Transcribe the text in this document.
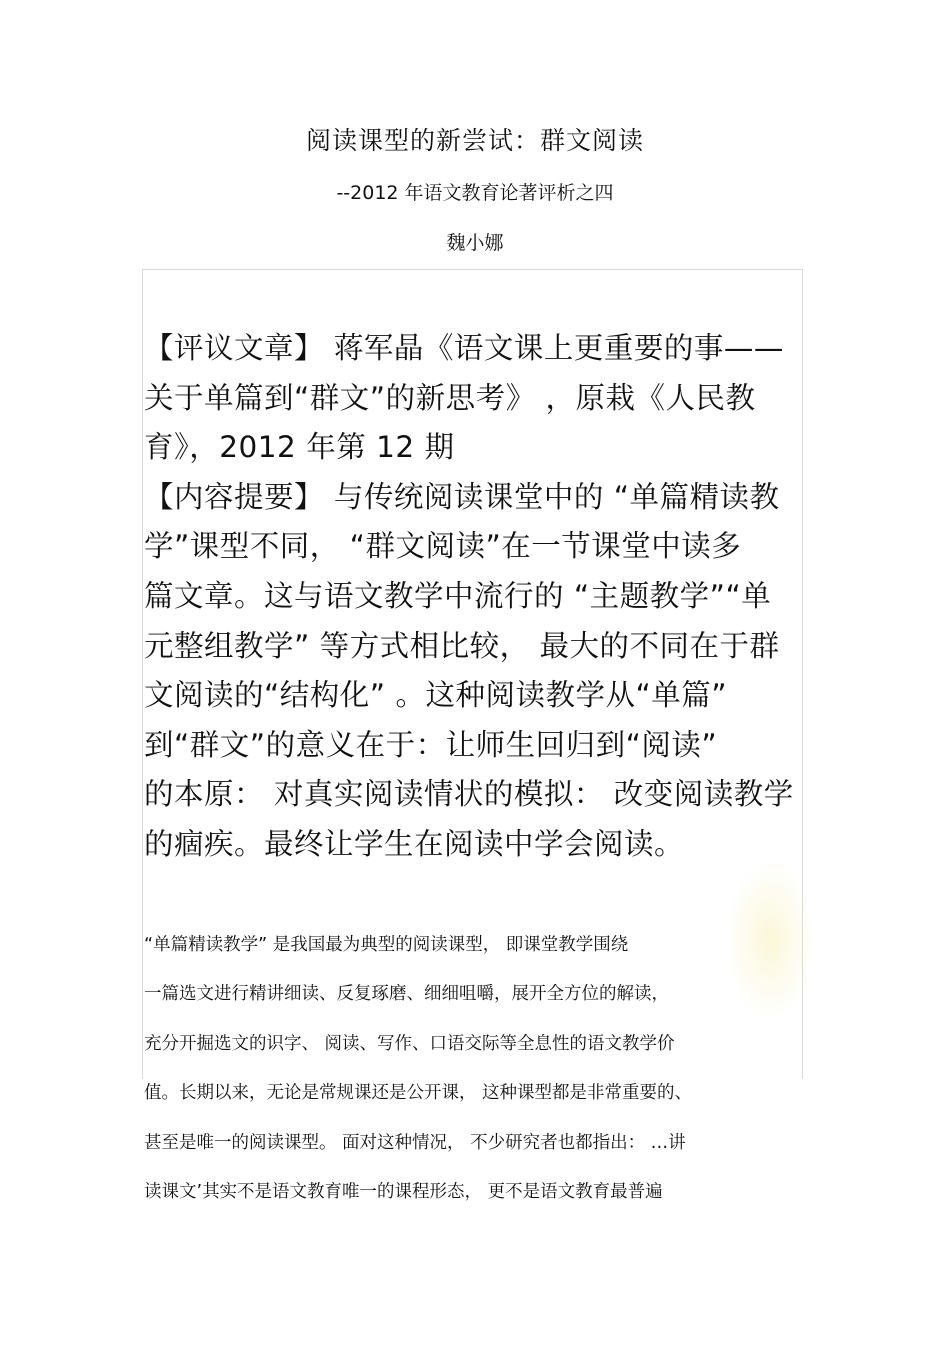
阅读课型的新尝试：群文阅读
--2012 年语文教育论著评析之四
魏小娜
【评议文章】 蒋军晶《语文课上更重要的事——
关于单篇到“群文”的新思考》 ，原栽《人民教
育》，2012 年第 12 期
【内容提要】 与传统阅读课堂中的 “单篇精读教
学”课型不同， “群文阅读”在一节课堂中读多
篇文章。这与语文教学中流行的 “主题教学”“单
元整组教学” 等方式相比较， 最大的不同在于群
文阅读的“结构化” 。这种阅读教学从“单篇”
到“群文”的意义在于：让师生回归到“阅读”
的本原： 对真实阅读情状的模拟： 改变阅读教学
的痼疾。最终让学生在阅读中学会阅读。
“单篇精读教学” 是我国最为典型的阅读课型， 即课堂教学围绕
一篇选文进行精讲细读、反复琢磨、细细咀嚼，展开全方位的解读，
充分开掘选文的识字、 阅读、写作、口语交际等全息性的语文教学价
值。长期以来，无论是常规课还是公开课， 这种课型都是非常重要的、
甚至是唯一的阅读课型。 面对这种情况， 不少研究者也都指出： …讲
读课文’其实不是语文教育唯一的课程形态， 更不是语文教育最普遍
